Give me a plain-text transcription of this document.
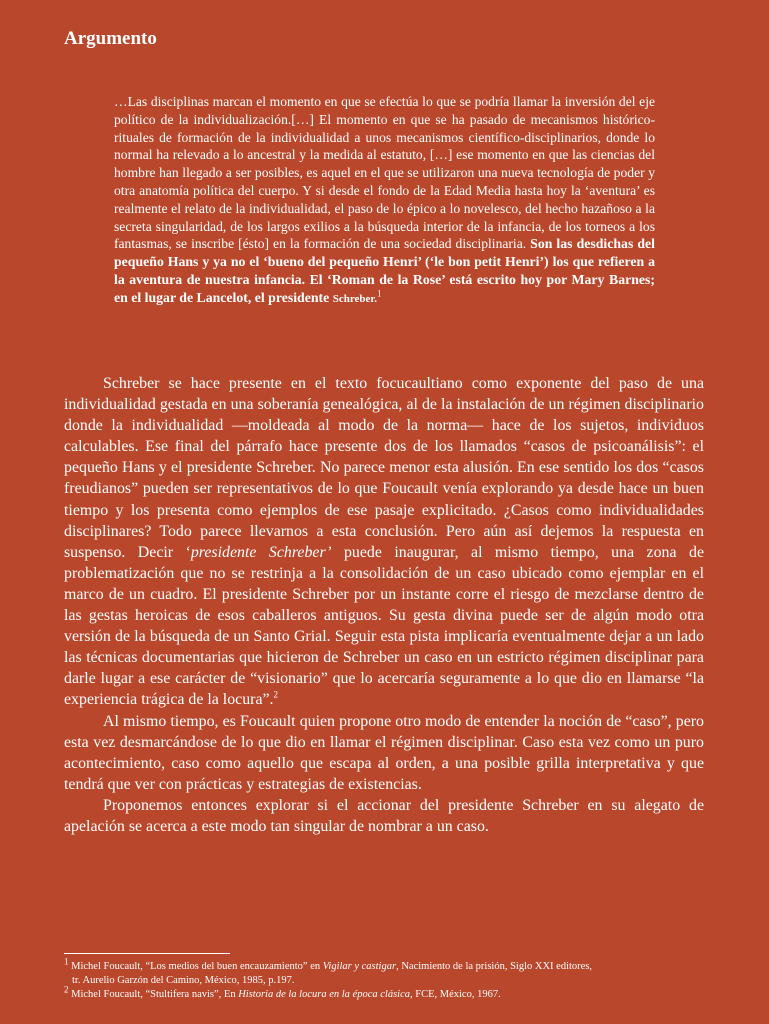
Argumento
…Las disciplinas marcan el momento en que se efectúa lo que se podría llamar la inversión del eje político de la individualización.[…] El momento en que se ha pasado de mecanismos histórico-rituales de formación de la individualidad a unos mecanismos científico-disciplinarios, donde lo normal ha relevado a lo ancestral y la medida al estatuto, […] ese momento en que las ciencias del hombre han llegado a ser posibles, es aquel en el que se utilizaron una nueva tecnología de poder y otra anatomía política del cuerpo. Y si desde el fondo de la Edad Media hasta hoy la ‘aventura’ es realmente el relato de la individualidad, el paso de lo épico a lo novelesco, del hecho hazañoso a la secreta singularidad, de los largos exilios a la búsqueda interior de la infancia, de los torneos a los fantasmas, se inscribe [ésto] en la formación de una sociedad disciplinaria. Son las desdichas del pequeño Hans y ya no el ‘bueno del pequeño Henri’ (‘le bon petit Henri’) los que refieren a la aventura de nuestra infancia. El ‘Roman de la Rose’ está escrito hoy por Mary Barnes; en el lugar de Lancelot, el presidente Schreber.$^1$

Schreber se hace presente en el texto focucaultiano como exponente del paso de una individualidad gestada en una soberanía genealógica, al de la instalación de un régimen disciplinario donde la individualidad —moldeada al modo de la norma— hace de los sujetos, individuos calculables. Ese final del párrafo hace presente dos de los llamados “casos de psicoanálisis”: el pequeño Hans y el presidente Schreber. No parece menor esta alusión. En ese sentido los dos “casos freudianos” pueden ser representativos de lo que Foucault venía explorando ya desde hace un buen tiempo y los presenta como ejemplos de ese pasaje explicitado. ¿Casos como individualidades disciplinares? Todo parece llevarnos a esta conclusión. Pero aún así dejemos la respuesta en suspenso. Decir ‘presidente Schreber’ puede inaugurar, al mismo tiempo, una zona de problematización que no se restrinja a la consolidación de un caso ubicado como ejemplar en el marco de un cuadro. El presidente Schreber por un instante corre el riesgo de mezclarse dentro de las gestas heroicas de esos caballeros antiguos. Su gesta divina puede ser de algún modo otra versión de la búsqueda de un Santo Grial. Seguir esta pista implicaría eventualmente dejar a un lado las técnicas documentarias que hicieron de Schreber un caso en un estricto régimen disciplinar para darle lugar a ese carácter de “visionario” que lo acercaría seguramente a lo que dio en llamarse “la experiencia trágica de la locura”.$^2$

Al mismo tiempo, es Foucault quien propone otro modo de entender la noción de “caso”, pero esta vez desmarcándose de lo que dio en llamar el régimen disciplinar. Caso esta vez como un puro acontecimiento, caso como aquello que escapa al orden, a una posible grilla interpretativa y que tendrá que ver con prácticas y estrategias de existencias.

Proponemos entonces explorar si el accionar del presidente Schreber en su alegato de apelación se acerca a este modo tan singular de nombrar a un caso.

$^1$ Michel Foucault, “Los medios del buen encauzamiento” en Vigilar y castigar, Nacimiento de la prisión, Siglo XXI editores,

tr. Aurelio Garzón del Camino, México, 1985, p.197.

$^2$ Michel Foucault, “Stultifera navis”, En Historia de la locura en la época clásica, FCE, México, 1967.
